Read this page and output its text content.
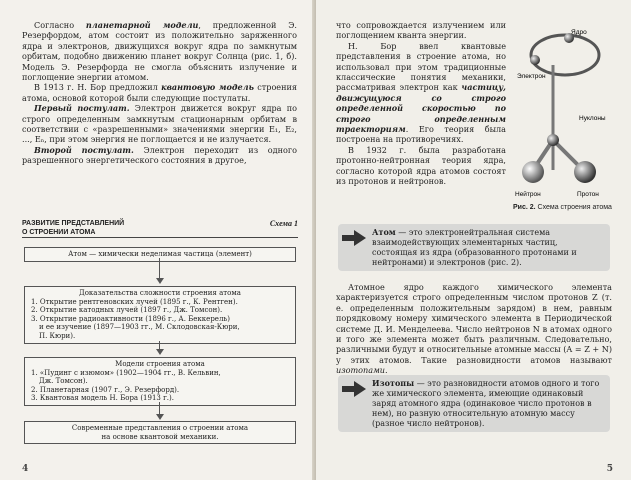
Согласно планетарной модели, предложенной Э. Резерфордом, атом состоит из положительно заряженного ядра и электронов, движущихся вокруг ядра по замкнутым орбитам, подобно движению планет вокруг Солнца (рис. 1, б). Модель Э. Резерфорда не смогла объяснить излучение и поглощение энергии атомом.

В 1913 г. Н. Бор предложил квантовую модель строения атома, основой которой были следующие постулаты.

Первый постулат. Электрон движется вокруг ядра по строго определенным замкнутым стационарным орбитам в соответствии с «разрешенными» значениями энергии E₁, E₂, ..., Eₙ, при этом энергия не поглощается и не излучается.

Второй постулат. Электрон переходит из одного разрешенного энергетического состояния в другое,

РАЗВИТИЕ ПРЕДСТАВЛЕНИЙ
О СТРОЕНИИ АТОМА
Схема 1
Атом — химически неделимая частица (элемент)
Доказательства сложности строения атома
1. Открытие рентгеновских лучей (1895 г., К. Рентген).
2. Открытие катодных лучей (1897 г., Дж. Томсон).
3. Открытие радиоактивности (1896 г., А. Беккерель)
и ее изучение (1897—1903 гг., М. Склодовская-Кюри,
П. Кюри).
Модели строения атома
1. «Пудинг с изюмом» (1902—1904 гг., В. Кельвин,
Дж. Томсон).
2. Планетарная (1907 г., Э. Резерфорд).
3. Квантовая модель Н. Бора (1913 г.).
Современные представления о строении атома
на основе квантовой механики.
4

что сопровождается излучением или поглощением кванта энергии.

Н. Бор ввел квантовые представления в строение атома, но использовал при этом традиционные классические понятия механики, рассматривая электрон как частицу, движущуюся со строго определенной скоростью по строго определенным траекториям. Его теория была построена на противоречиях.

В 1932 г. была разработана протонно-нейтронная теория ядра, согласно которой ядра атомов состоят из протонов и нейтронов.

Ядро
Электрон
Нуклоны
Нейтрон	Протон
Рис. 2. Схема строения атома
Атом — это электронейтральная система взаимодействующих элементарных частиц, состоящая из ядра (образованного протонами и нейтронами) и электронов (рис. 2).

Атомное ядро каждого химического элемента характеризуется строго определенным числом протонов Z (т. е. определенным положительным зарядом) в нем, равным порядковому номеру химического элемента в Периодической системе Д. И. Менделеева. Число нейтронов N в атомах одного и того же элемента может быть различным. Следовательно, различными будут и относительные атомные массы (A = Z + N) у этих атомов. Такие разновидности атомов называют изотопами.

Изотопы — это разновидности атомов одного и того же химического элемента, имеющие одинаковый заряд атомного ядра (одинаковое число протонов в нем), но разную относительную атомную массу (разное число нейтронов).
5
